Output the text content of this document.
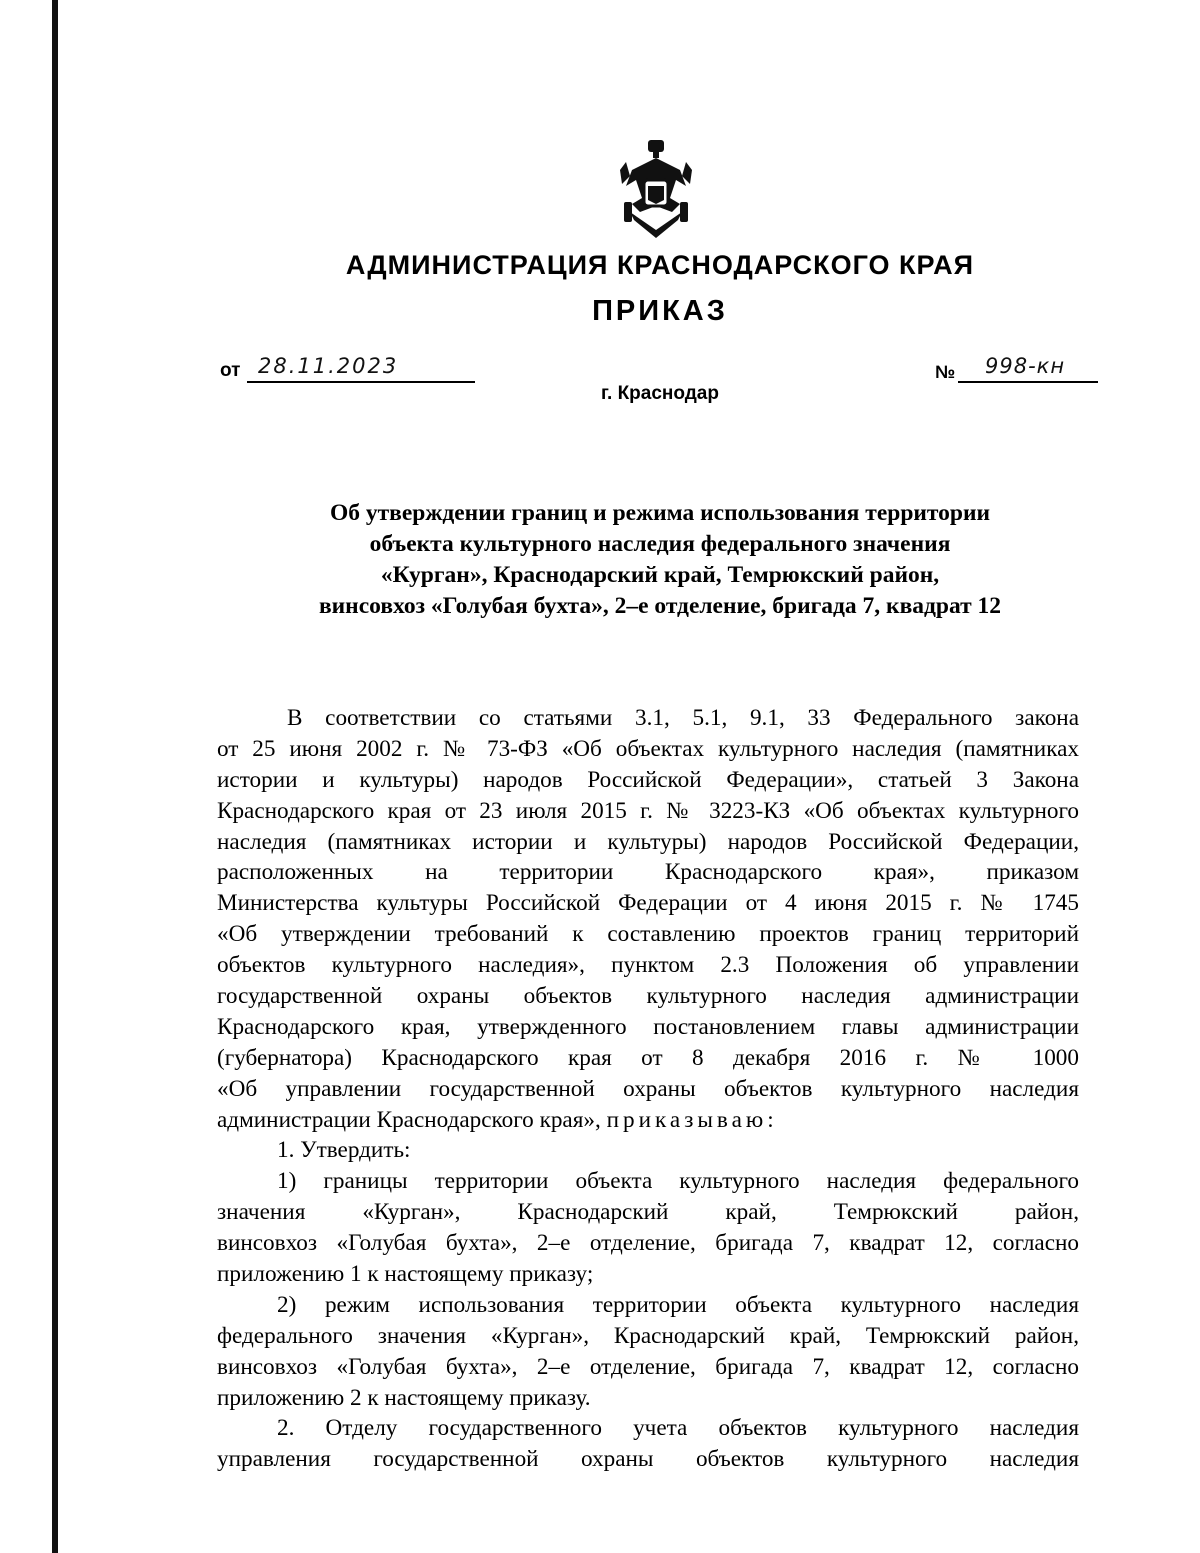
АДМИНИСТРАЦИЯ КРАСНОДАРСКОГО КРАЯ
ПРИКАЗ
от 28.11.2023	№ 998-кн
г. Краснодар
Об утверждении границ и режима использования территории
объекта культурного наследия федерального значения
«Курган», Краснодарский край, Темрюкский район,
винсовхоз «Голубая бухта», 2–е отделение, бригада 7, квадрат 12
В соответствии со статьями 3.1, 5.1, 9.1, 33 Федерального закона
от 25 июня 2002 г. № 73-ФЗ «Об объектах культурного наследия (памятниках
истории и культуры) народов Российской Федерации», статьей 3 Закона
Краснодарского края от 23 июля 2015 г. № 3223-КЗ «Об объектах культурного
наследия (памятниках истории и культуры) народов Российской Федерации,
расположенных на территории Краснодарского края», приказом
Министерства культуры Российской Федерации от 4 июня 2015 г. № 1745
«Об утверждении требований к составлению проектов границ территорий
объектов культурного наследия», пунктом 2.3 Положения об управлении
государственной охраны объектов культурного наследия администрации
Краснодарского края, утвержденного постановлением главы администрации
(губернатора) Краснодарского края от 8 декабря 2016 г. № 1000
«Об управлении государственной охраны объектов культурного наследия
администрации Краснодарского края», приказываю:
1. Утвердить:
1) границы территории объекта культурного наследия федерального
значения «Курган», Краснодарский край, Темрюкский район,
винсовхоз «Голубая бухта», 2–е отделение, бригада 7, квадрат 12, согласно
приложению 1 к настоящему приказу;
2) режим использования территории объекта культурного наследия
федерального значения «Курган», Краснодарский край, Темрюкский район,
винсовхоз «Голубая бухта», 2–е отделение, бригада 7, квадрат 12, согласно
приложению 2 к настоящему приказу.
2. Отделу государственного учета объектов культурного наследия
управления государственной охраны объектов культурного наследия
